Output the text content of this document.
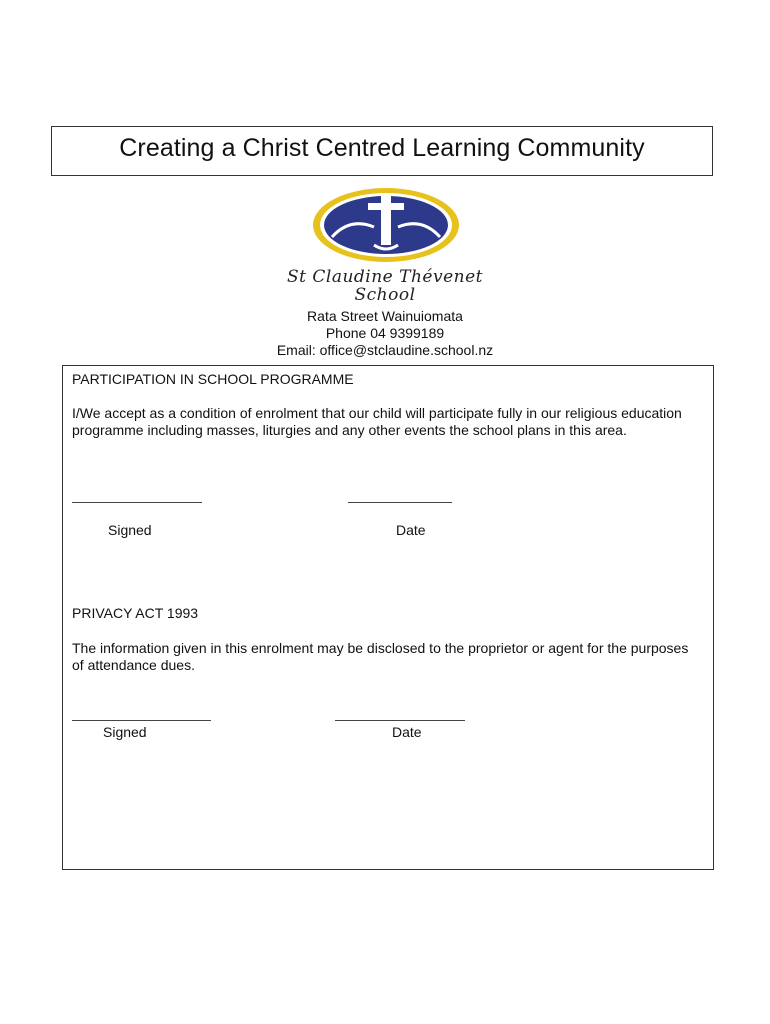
Creating a Christ Centred Learning Community
St Claudine Thévenet
School
Rata Street Wainuiomata
Phone 04 9399189
Email: office@stclaudine.school.nz
PARTICIPATION IN SCHOOL PROGRAMME
I/We accept as a condition of enrolment that our child will participate fully in our religious education programme including masses, liturgies and any other events the school plans in this area.
Signed	Date
PRIVACY ACT 1993
The information given in this enrolment may be disclosed to the proprietor or agent for the purposes of attendance dues.
Signed	Date
